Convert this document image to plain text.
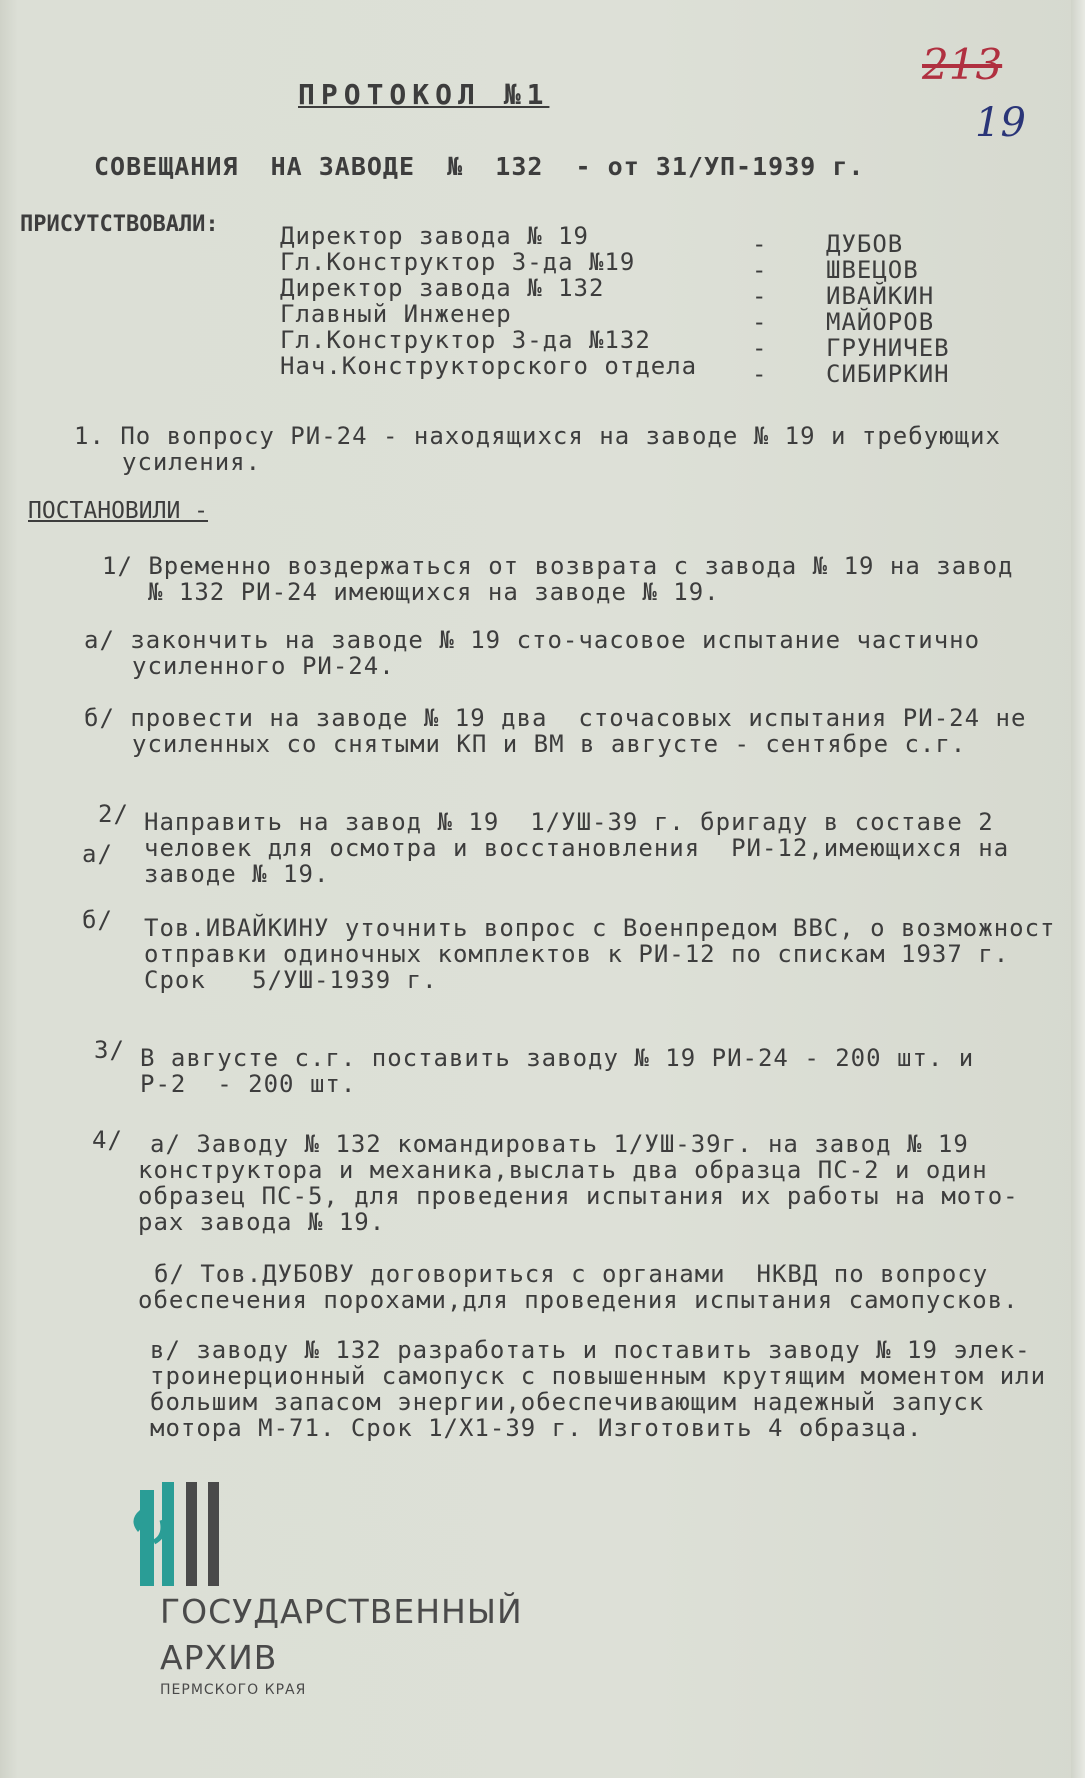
213
19
ПРОТОКОЛ №1
СОВЕЩАНИЯ  НА ЗАВОДЕ  №  132  - от 31/УП-1939 г.
ПРИСУТСТВОВАЛИ:	Директор завода № 19	- ДУБОВ
Гл.Конструктор З-да №19	- ШВЕЦОВ
Директор завода № 132	- ИВАЙКИН
Главный Инженер	- МАЙОРОВ
Гл.Конструктор З-да №132	- ГРУНИЧЕВ
Нач.Конструкторского отдела - СИБИРКИН
1. По вопросу РИ-24 - находящихся на заводе № 19 и требующих
усиления.
ПОСТАНОВИЛИ -
1/ Временно воздержаться от возврата с завода № 19 на завод
№ 132 РИ-24 имеющихся на заводе № 19.
а/ закончить на заводе № 19 сто-часовое испытание частично
усиленного РИ-24.
б/ провести на заводе № 19 два  сточасовых испытания РИ-24 не
усиленных со снятыми КП и ВМ в августе - сентябре с.г.
2/
а/
Направить на завод № 19  1/УШ-39 г. бригаду в составе 2
человек для осмотра и восстановления  РИ-12,имеющихся на
заводе № 19.
б/ Тов.ИВАЙКИНУ уточнить вопрос с Военпредом ВВС, о возможност
отправки одиночных комплектов к РИ-12 по спискам 1937 г.
Срок   5/УШ-1939 г.
3/ В августе с.г. поставить заводу № 19 РИ-24 - 200 шт. и
Р-2  - 200 шт.
4/ а/ Заводу № 132 командировать 1/УШ-39г. на завод № 19
конструктора и механика,выслать два образца ПС-2 и один
образец ПС-5, для проведения испытания их работы на мото-
рах завода № 19.
б/ Тов.ДУБОВУ договориться с органами  НКВД по вопросу
обеспечения порохами,для проведения испытания самопусков.
в/ заводу № 132 разработать и поставить заводу № 19 элек-
троинерционный самопуск с повышенным крутящим моментом или
большим запасом энергии,обеспечивающим надежный запуск
мотора М-71. Срок 1/Х1-39 г. Изготовить 4 образца.
ГОСУДАРСТВЕННЫЙ
АРХИВ
ПЕРМСКОГО КРАЯ
